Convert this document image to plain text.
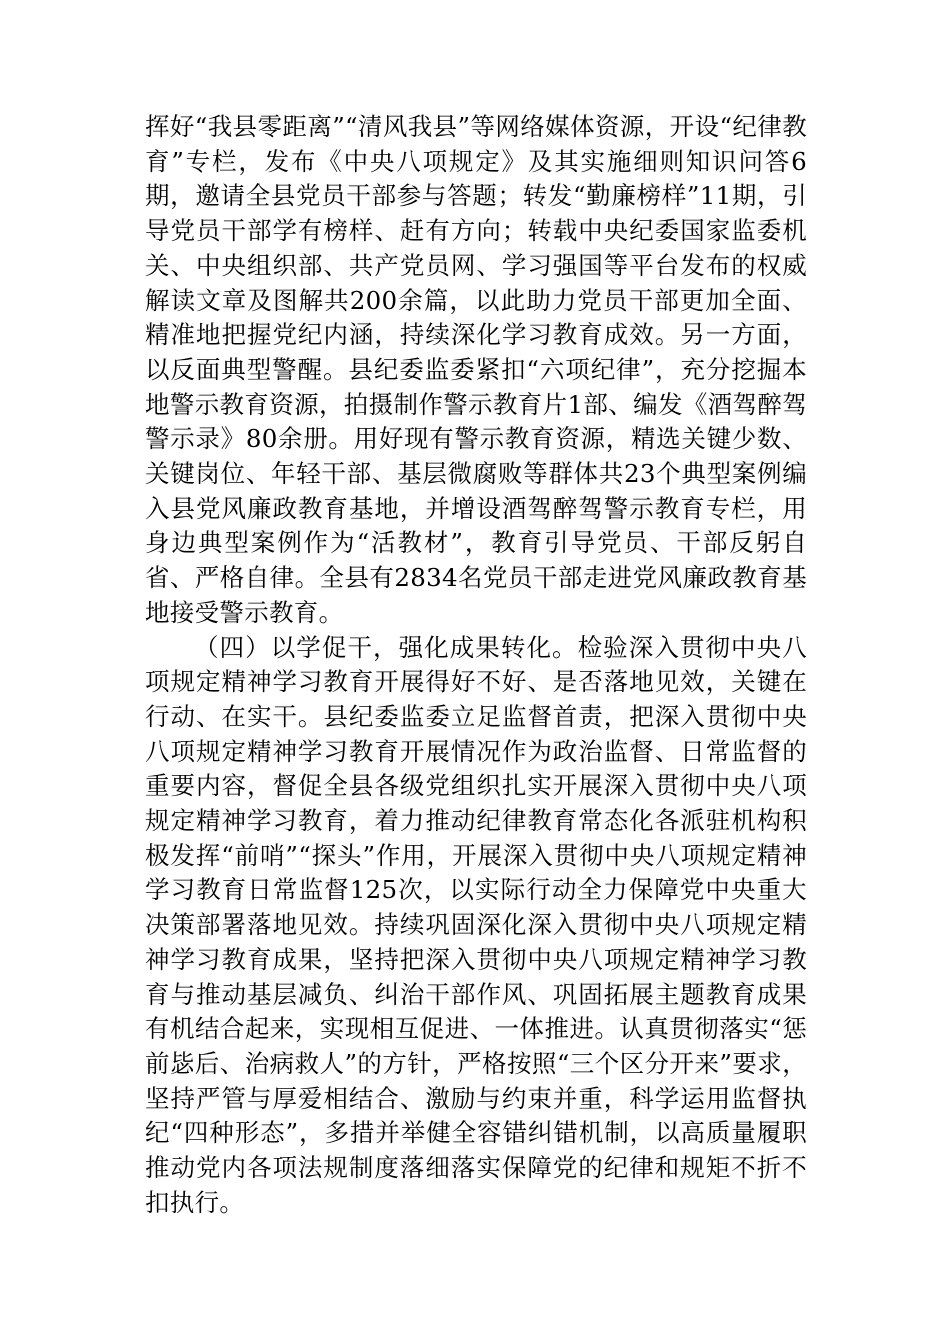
挥好“我县零距离”“清风我县”等网络媒体资源，开设“纪律教育”专栏，发布《中央八项规定》及其实施细则知识问答6期，邀请全县党员干部参与答题；转发“勤廉榜样”11期，引导党员干部学有榜样、赶有方向；转载中央纪委国家监委机关、中央组织部、共产党员网、学习强国等平台发布的权威解读文章及图解共200余篇，以此助力党员干部更加全面、精准地把握党纪内涵，持续深化学习教育成效。另一方面，以反面典型警醒。县纪委监委紧扣“六项纪律”，充分挖掘本地警示教育资源，拍摄制作警示教育片1部、编发《酒驾醉驾警示录》80余册。用好现有警示教育资源，精选关键少数、关键岗位、年轻干部、基层微腐败等群体共23个典型案例编入县党风廉政教育基地，并增设酒驾醉驾警示教育专栏，用身边典型案例作为“活教材”，教育引导党员、干部反躬自省、严格自律。全县有2834名党员干部走进党风廉政教育基地接受警示教育。

（四）以学促干，强化成果转化。检验深入贯彻中央八项规定精神学习教育开展得好不好、是否落地见效，关键在行动、在实干。县纪委监委立足监督首责，把深入贯彻中央八项规定精神学习教育开展情况作为政治监督、日常监督的重要内容，督促全县各级党组织扎实开展深入贯彻中央八项规定精神学习教育，着力推动纪律教育常态化各派驻机构积极发挥“前哨”“探头”作用，开展深入贯彻中央八项规定精神学习教育日常监督125次，以实际行动全力保障党中央重大决策部署落地见效。持续巩固深化深入贯彻中央八项规定精神学习教育成果，坚持把深入贯彻中央八项规定精神学习教育与推动基层减负、纠治干部作风、巩固拓展主题教育成果有机结合起来，实现相互促进、一体推进。认真贯彻落实“惩前毖后、治病救人”的方针，严格按照“三个区分开来”要求，坚持严管与厚爱相结合、激励与约束并重，科学运用监督执纪“四种形态”，多措并举健全容错纠错机制，以高质量履职推动党内各项法规制度落细落实保障党的纪律和规矩不折不扣执行。
